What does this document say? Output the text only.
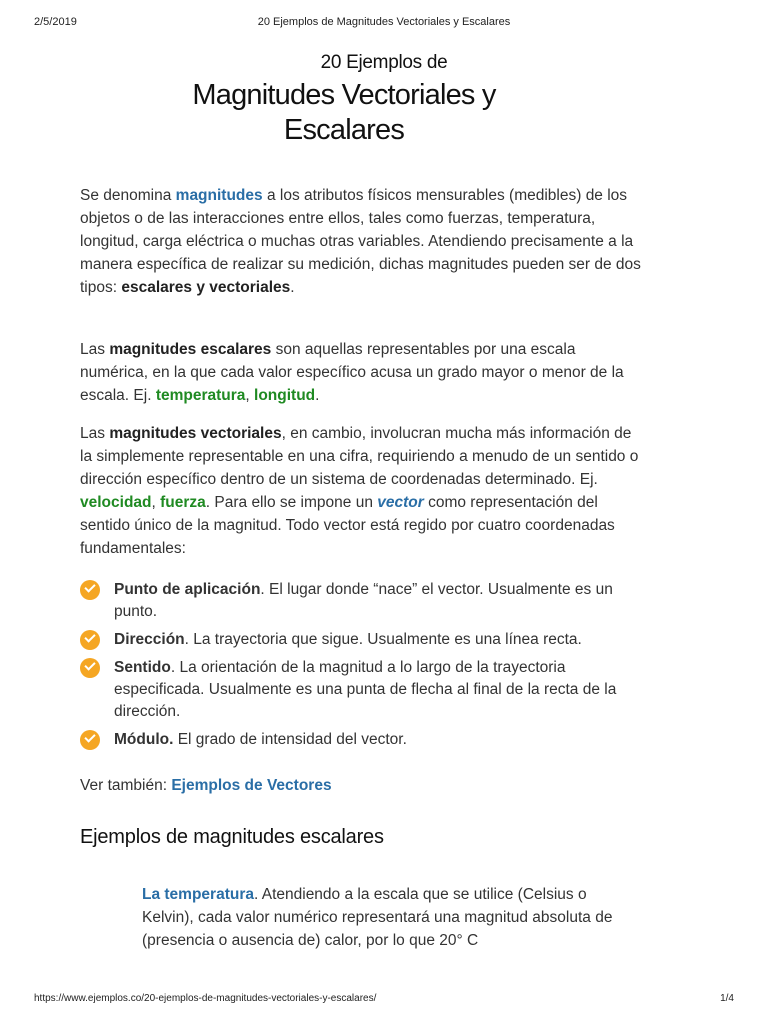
2/5/2019	20 Ejemplos de Magnitudes Vectoriales y Escalares
20 Ejemplos de
Magnitudes Vectoriales y Escalares
Se denomina magnitudes a los atributos físicos mensurables (medibles) de los objetos o de las interacciones entre ellos, tales como fuerzas, temperatura, longitud, carga eléctrica o muchas otras variables. Atendiendo precisamente a la manera específica de realizar su medición, dichas magnitudes pueden ser de dos tipos: escalares y vectoriales.
Las magnitudes escalares son aquellas representables por una escala numérica, en la que cada valor específico acusa un grado mayor o menor de la escala. Ej. temperatura, longitud.
Las magnitudes vectoriales, en cambio, involucran mucha más información de la simplemente representable en una cifra, requiriendo a menudo de un sentido o dirección específico dentro de un sistema de coordenadas determinado. Ej. velocidad, fuerza. Para ello se impone un vector como representación del sentido único de la magnitud. Todo vector está regido por cuatro coordenadas fundamentales:
Punto de aplicación. El lugar donde “nace” el vector. Usualmente es un punto.
Dirección. La trayectoria que sigue. Usualmente es una línea recta.
Sentido. La orientación de la magnitud a lo largo de la trayectoria especificada. Usualmente es una punta de flecha al final de la recta de la dirección.
Módulo. El grado de intensidad del vector.
Ver también: Ejemplos de Vectores
Ejemplos de magnitudes escalares
La temperatura. Atendiendo a la escala que se utilice (Celsius o Kelvin), cada valor numérico representará una magnitud absoluta de (presencia o ausencia de) calor, por lo que 20° C
https://www.ejemplos.co/20-ejemplos-de-magnitudes-vectoriales-y-escalares/	1/4
